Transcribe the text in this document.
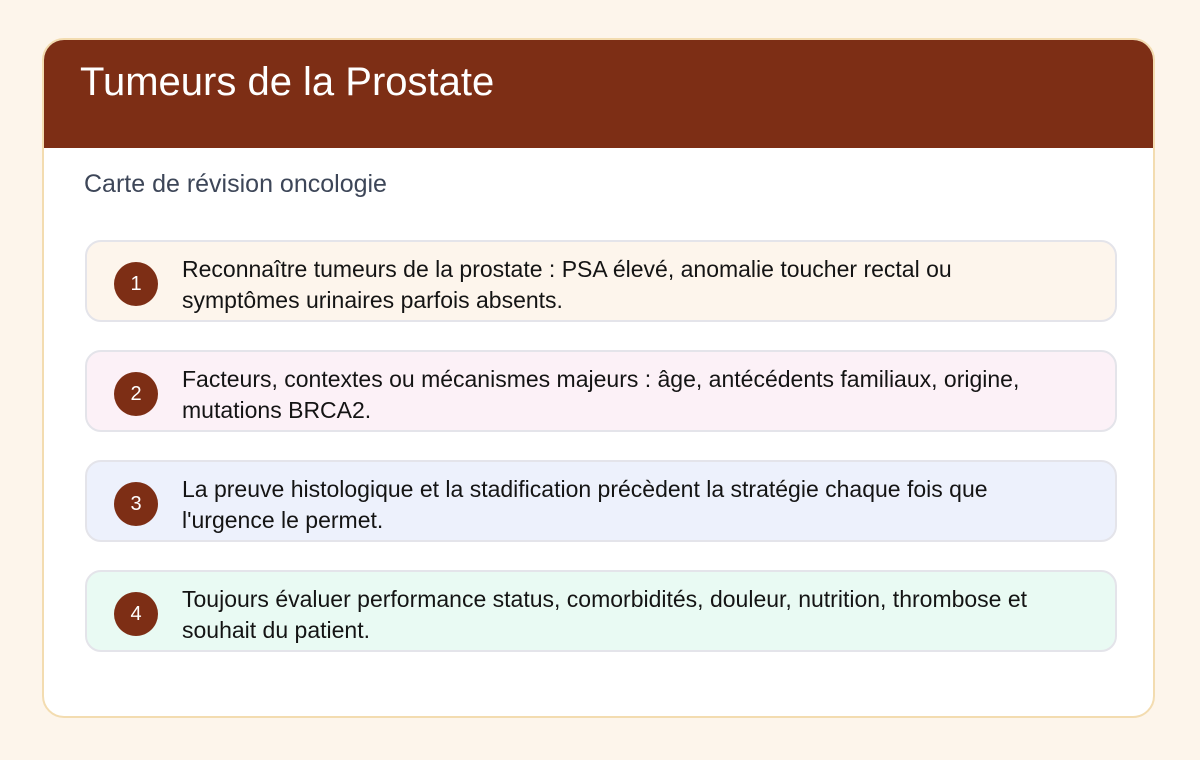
Tumeurs de la Prostate

Carte de révision oncologie

1

Reconnaître tumeurs de la prostate : PSA élevé, anomalie toucher rectal ou symptômes urinaires parfois absents.

2

Facteurs, contextes ou mécanismes majeurs : âge, antécédents familiaux, origine, mutations BRCA2.

3

La preuve histologique et la stadification précèdent la stratégie chaque fois que l'urgence le permet.

4

Toujours évaluer performance status, comorbidités, douleur, nutrition, thrombose et souhait du patient.
